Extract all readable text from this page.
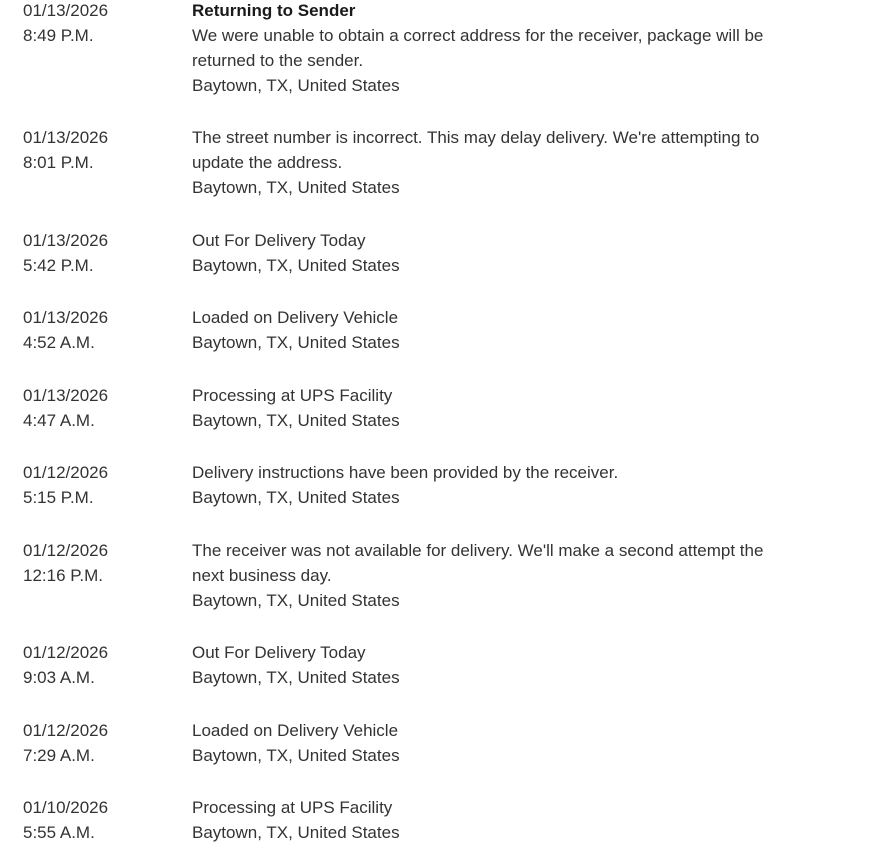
01/13/2026
8:49 P.M.
Returning to Sender
We were unable to obtain a correct address for the receiver, package will be
returned to the sender.
Baytown, TX, United States
01/13/2026
8:01 P.M.
The street number is incorrect. This may delay delivery. We're attempting to
update the address.
Baytown, TX, United States
01/13/2026
5:42 P.M.
Out For Delivery Today
Baytown, TX, United States
01/13/2026
4:52 A.M.
Loaded on Delivery Vehicle
Baytown, TX, United States
01/13/2026
4:47 A.M.
Processing at UPS Facility
Baytown, TX, United States
01/12/2026
5:15 P.M.
Delivery instructions have been provided by the receiver.
Baytown, TX, United States
01/12/2026
12:16 P.M.
The receiver was not available for delivery. We'll make a second attempt the
next business day.
Baytown, TX, United States
01/12/2026
9:03 A.M.
Out For Delivery Today
Baytown, TX, United States
01/12/2026
7:29 A.M.
Loaded on Delivery Vehicle
Baytown, TX, United States
01/10/2026
5:55 A.M.
Processing at UPS Facility
Baytown, TX, United States
